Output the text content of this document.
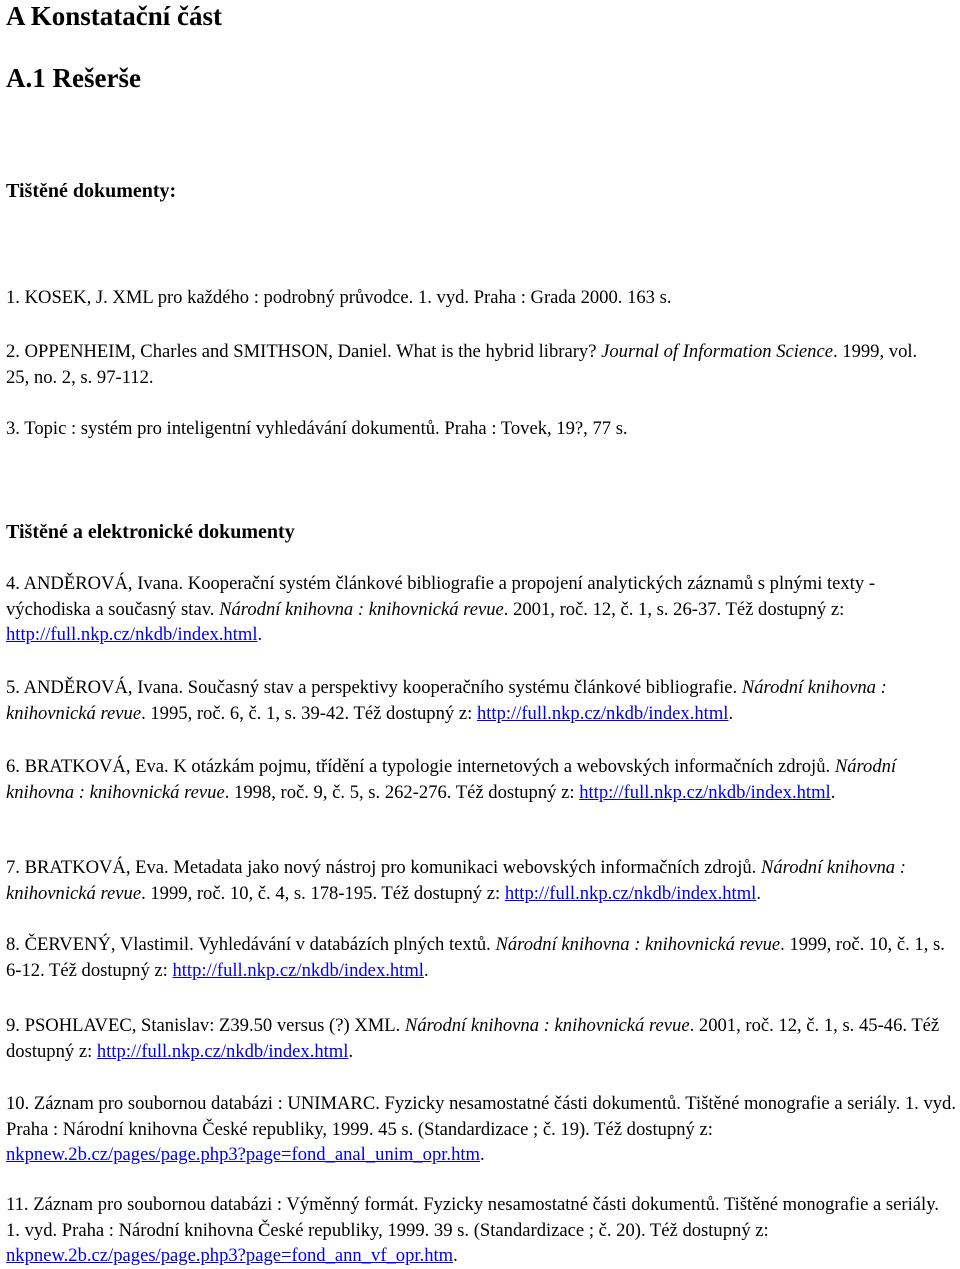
A Konstatační část
A.1 Rešerše
Tištěné dokumenty:

1. KOSEK, J. XML pro každého : podrobný průvodce. 1. vyd. Praha : Grada 2000. 163 s.

2. OPPENHEIM, Charles and SMITHSON, Daniel. What is the hybrid library? Journal of Information Science. 1999, vol. 25, no. 2, s. 97-112.

3. Topic : systém pro inteligentní vyhledávání dokumentů. Praha : Tovek, 19?, 77 s.

Tištěné a elektronické dokumenty

4. ANDĚROVÁ, Ivana. Kooperační systém článkové bibliografie a propojení analytických záznamů s plnými texty - východiska a současný stav. Národní knihovna : knihovnická revue. 2001, roč. 12, č. 1, s. 26-37. Též dostupný z: http://full.nkp.cz/nkdb/index.html.

5. ANDĚROVÁ, Ivana. Současný stav a perspektivy kooperačního systému článkové bibliografie. Národní knihovna : knihovnická revue. 1995, roč. 6, č. 1, s. 39-42. Též dostupný z: http://full.nkp.cz/nkdb/index.html.

6. BRATKOVÁ, Eva. K otázkám pojmu, třídění a typologie internetových a webovských informačních zdrojů. Národní knihovna : knihovnická revue. 1998, roč. 9, č. 5, s. 262-276. Též dostupný z: http://full.nkp.cz/nkdb/index.html.

7. BRATKOVÁ, Eva. Metadata jako nový nástroj pro komunikaci webovských informačních zdrojů. Národní knihovna : knihovnická revue. 1999, roč. 10, č. 4, s. 178-195. Též dostupný z: http://full.nkp.cz/nkdb/index.html.

8. ČERVENÝ, Vlastimil. Vyhledávání v databázích plných textů. Národní knihovna : knihovnická revue. 1999, roč. 10, č. 1, s. 6-12. Též dostupný z: http://full.nkp.cz/nkdb/index.html.

9. PSOHLAVEC, Stanislav: Z39.50 versus (?) XML. Národní knihovna : knihovnická revue. 2001, roč. 12, č. 1, s. 45-46. Též dostupný z: http://full.nkp.cz/nkdb/index.html.

10. Záznam pro soubornou databázi : UNIMARC. Fyzicky nesamostatné části dokumentů. Tištěné monografie a seriály. 1. vyd. Praha : Národní knihovna České republiky, 1999. 45 s. (Standardizace ; č. 19). Též dostupný z: nkpnew.2b.cz/pages/page.php3?page=fond_anal_unim_opr.htm.

11. Záznam pro soubornou databázi : Výměnný formát. Fyzicky nesamostatné části dokumentů. Tištěné monografie a seriály. 1. vyd. Praha : Národní knihovna České republiky, 1999. 39 s. (Standardizace ; č. 20). Též dostupný z: nkpnew.2b.cz/pages/page.php3?page=fond_ann_vf_opr.htm.
